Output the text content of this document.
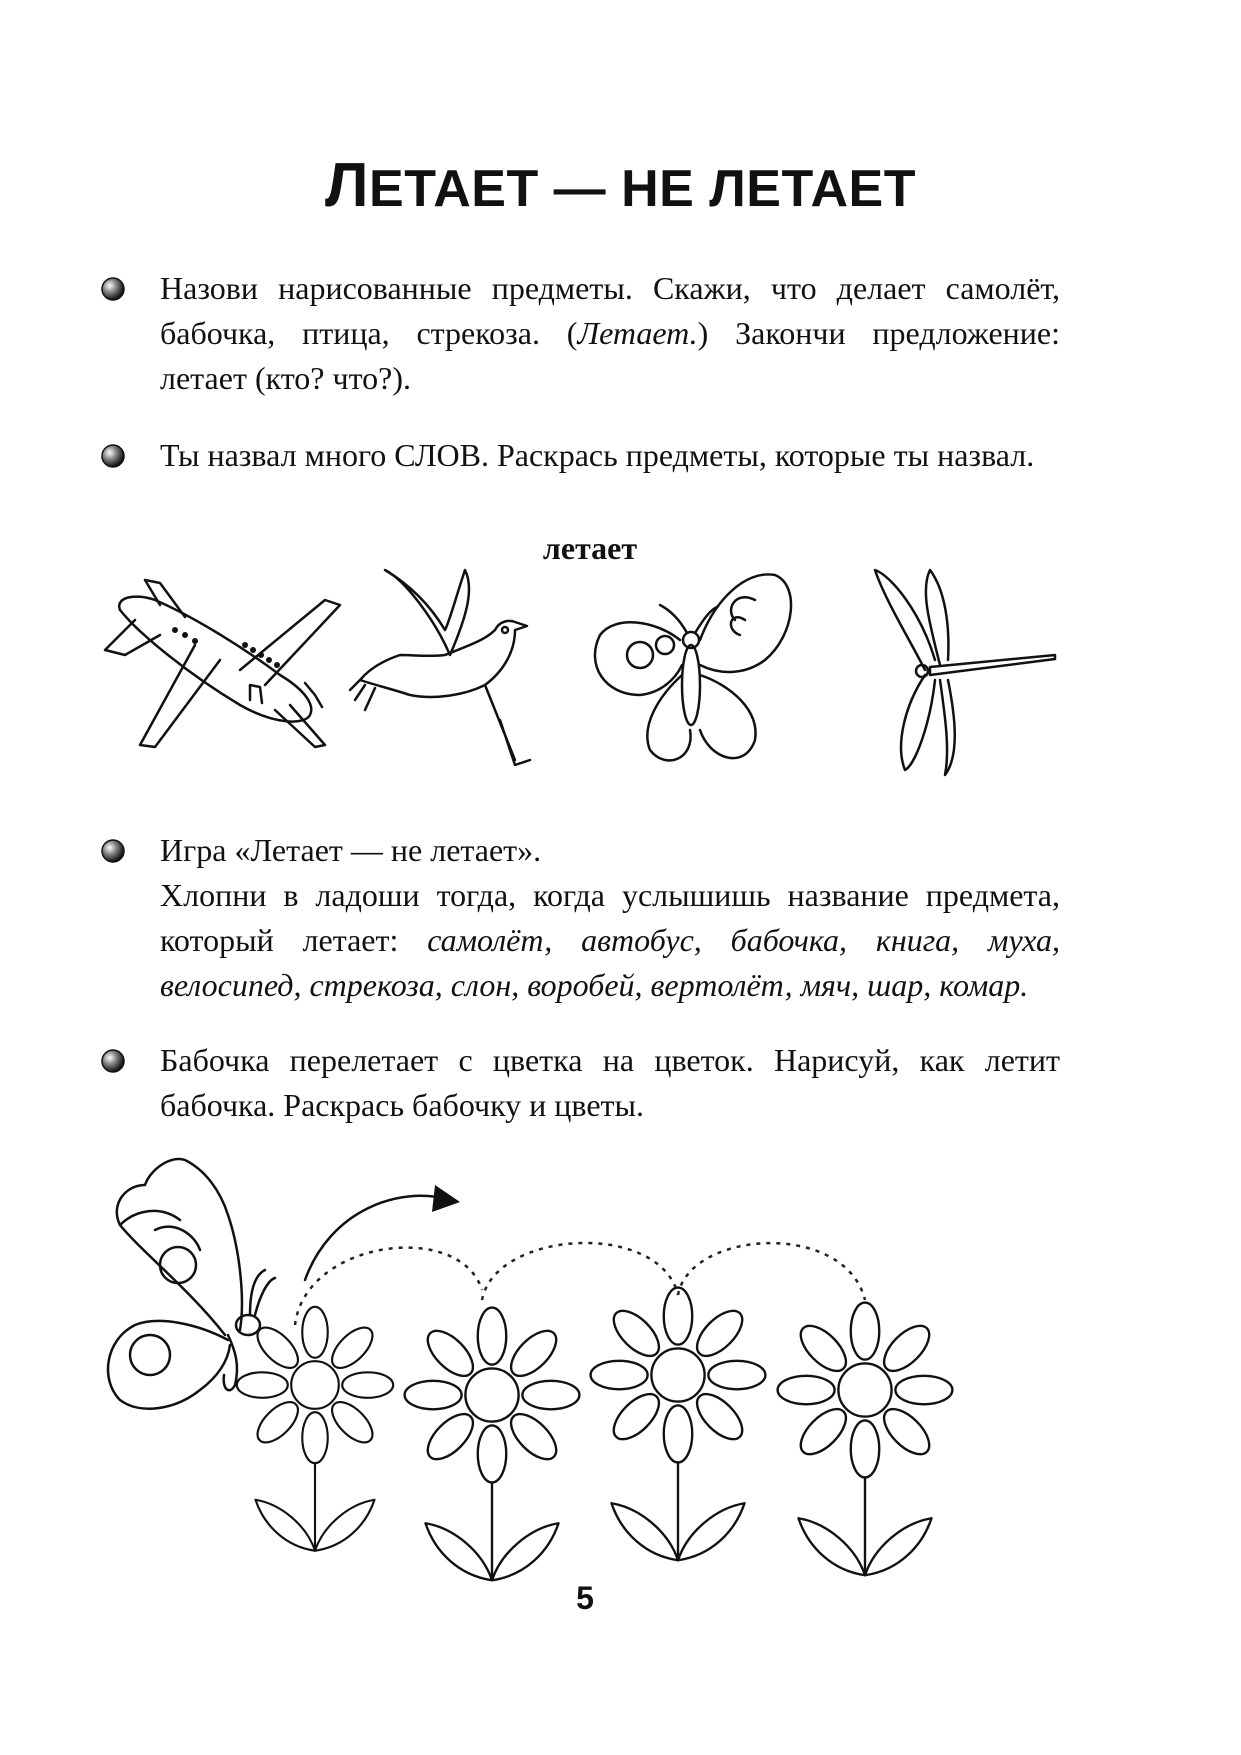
ЛЕТАЕТ — НЕ ЛЕТАЕТ

Назови нарисованные предметы. Скажи, что делает самолёт, бабочка, птица, стрекоза. (Летает.) Закончи предложение: летает (кто? что?).

Ты назвал много СЛОВ. Раскрась предметы, которые ты назвал.

летает

Игра «Летает — не летает».

Хлопни в ладоши тогда, когда услышишь название предмета, который летает: самолёт, автобус, бабочка, книга, муха, велосипед, стрекоза, слон, воробей, вертолёт, мяч, шар, комар.

Бабочка перелетает с цветка на цветок. Нарисуй, как летит бабочка. Раскрась бабочку и цветы.

5
